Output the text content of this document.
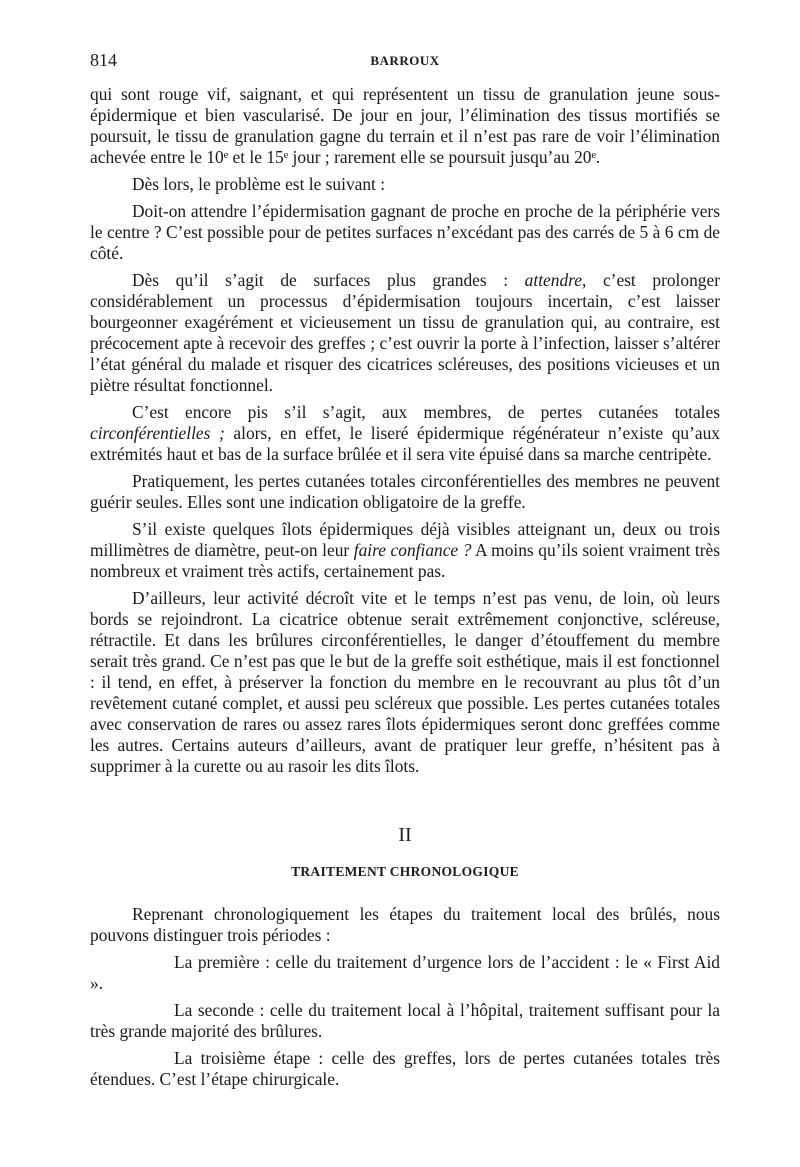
814	BARROUX

qui sont rouge vif, saignant, et qui représentent un tissu de granulation jeune sous-épidermique et bien vascularisé. De jour en jour, l’élimination des tissus mortifiés se poursuit, le tissu de granulation gagne du terrain et il n’est pas rare de voir l’élimination achevée entre le 10ᵉ et le 15ᵉ jour ; rarement elle se poursuit jusqu’au 20ᵉ.

Dès lors, le problème est le suivant :

Doit-on attendre l’épidermisation gagnant de proche en proche de la périphérie vers le centre ? C’est possible pour de petites surfaces n’excédant pas des carrés de 5 à 6 cm de côté.

Dès qu’il s’agit de surfaces plus grandes : attendre, c’est prolonger considérablement un processus d’épidermisation toujours incertain, c’est laisser bourgeonner exagérément et vicieusement un tissu de granulation qui, au contraire, est précocement apte à recevoir des greffes ; c’est ouvrir la porte à l’infection, laisser s’altérer l’état général du malade et risquer des cicatrices scléreuses, des positions vicieuses et un piètre résultat fonctionnel.

C’est encore pis s’il s’agit, aux membres, de pertes cutanées totales circonférentielles ; alors, en effet, le liseré épidermique régénérateur n’existe qu’aux extrémités haut et bas de la surface brûlée et il sera vite épuisé dans sa marche centripète.

Pratiquement, les pertes cutanées totales circonférentielles des membres ne peuvent guérir seules. Elles sont une indication obligatoire de la greffe.

S’il existe quelques îlots épidermiques déjà visibles atteignant un, deux ou trois millimètres de diamètre, peut-on leur faire confiance ? A moins qu’ils soient vraiment très nombreux et vraiment très actifs, certainement pas.

D’ailleurs, leur activité décroît vite et le temps n’est pas venu, de loin, où leurs bords se rejoindront. La cicatrice obtenue serait extrêmement conjonctive, scléreuse, rétractile. Et dans les brûlures circonférentielles, le danger d’étouffement du membre serait très grand. Ce n’est pas que le but de la greffe soit esthétique, mais il est fonctionnel : il tend, en effet, à préserver la fonction du membre en le recouvrant au plus tôt d’un revêtement cutané complet, et aussi peu scléreux que possible. Les pertes cutanées totales avec conservation de rares ou assez rares îlots épidermiques seront donc greffées comme les autres. Certains auteurs d’ailleurs, avant de pratiquer leur greffe, n’hésitent pas à supprimer à la curette ou au rasoir les dits îlots.

II

TRAITEMENT CHRONOLOGIQUE

Reprenant chronologiquement les étapes du traitement local des brûlés, nous pouvons distinguer trois périodes :

La première : celle du traitement d’urgence lors de l’accident : le « First Aid ».

La seconde : celle du traitement local à l’hôpital, traitement suffisant pour la très grande majorité des brûlures.

La troisième étape : celle des greffes, lors de pertes cutanées totales très étendues. C’est l’étape chirurgicale.
